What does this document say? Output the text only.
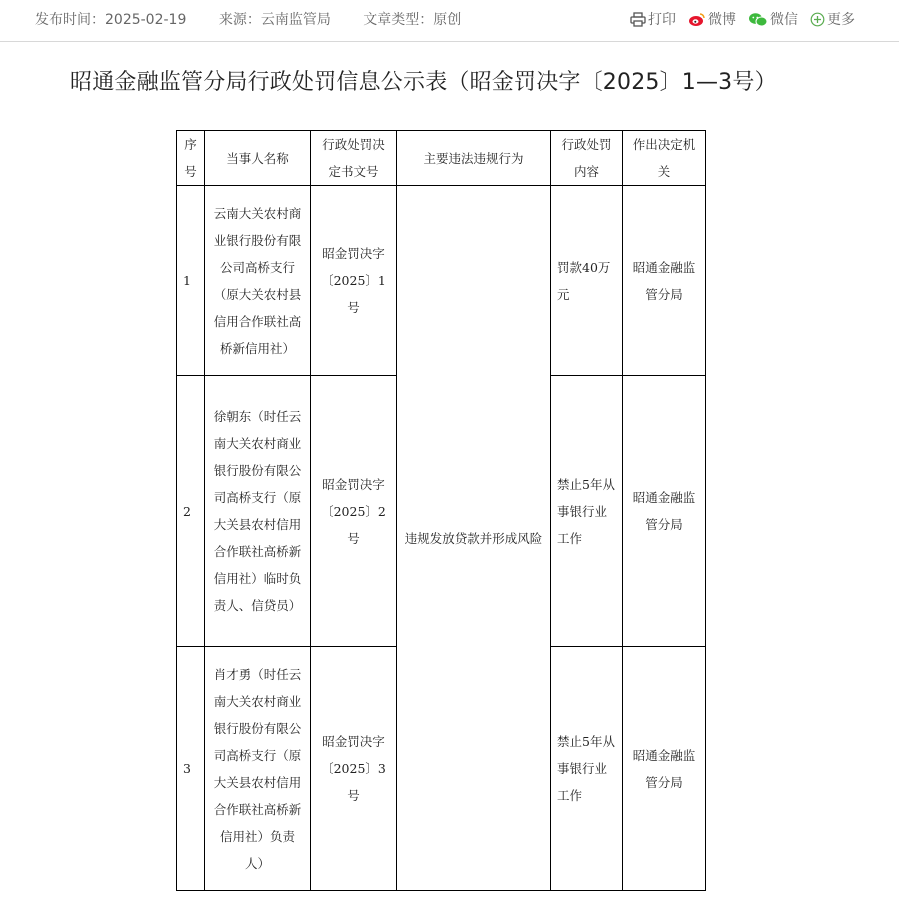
发布时间：2025-02-19 来源：云南监管局 文章类型：原创	打印 微博 微信 更多
昭通金融监管分局行政处罚信息公示表（昭金罚决字〔2025〕1—3号）
序号	当事人名称	行政处罚决定书文号	主要违法违规行为	行政处罚内容	作出决定机关
1	云南大关农村商业银行股份有限公司高桥支行（原大关农村县信用合作联社高桥新信用社）	昭金罚决字〔2025〕1号	违规发放贷款并形成风险	罚款40万元	昭通金融监管分局
2	徐朝东（时任云南大关农村商业银行股份有限公司高桥支行（原大关县农村信用合作联社高桥新信用社）临时负责人、信贷员）	昭金罚决字〔2025〕2号		禁止5年从事银行业工作	昭通金融监管分局
3	肖才勇（时任云南大关农村商业银行股份有限公司高桥支行（原大关县农村信用合作联社高桥新信用社）负责人）	昭金罚决字〔2025〕3号		禁止5年从事银行业工作	昭通金融监管分局
